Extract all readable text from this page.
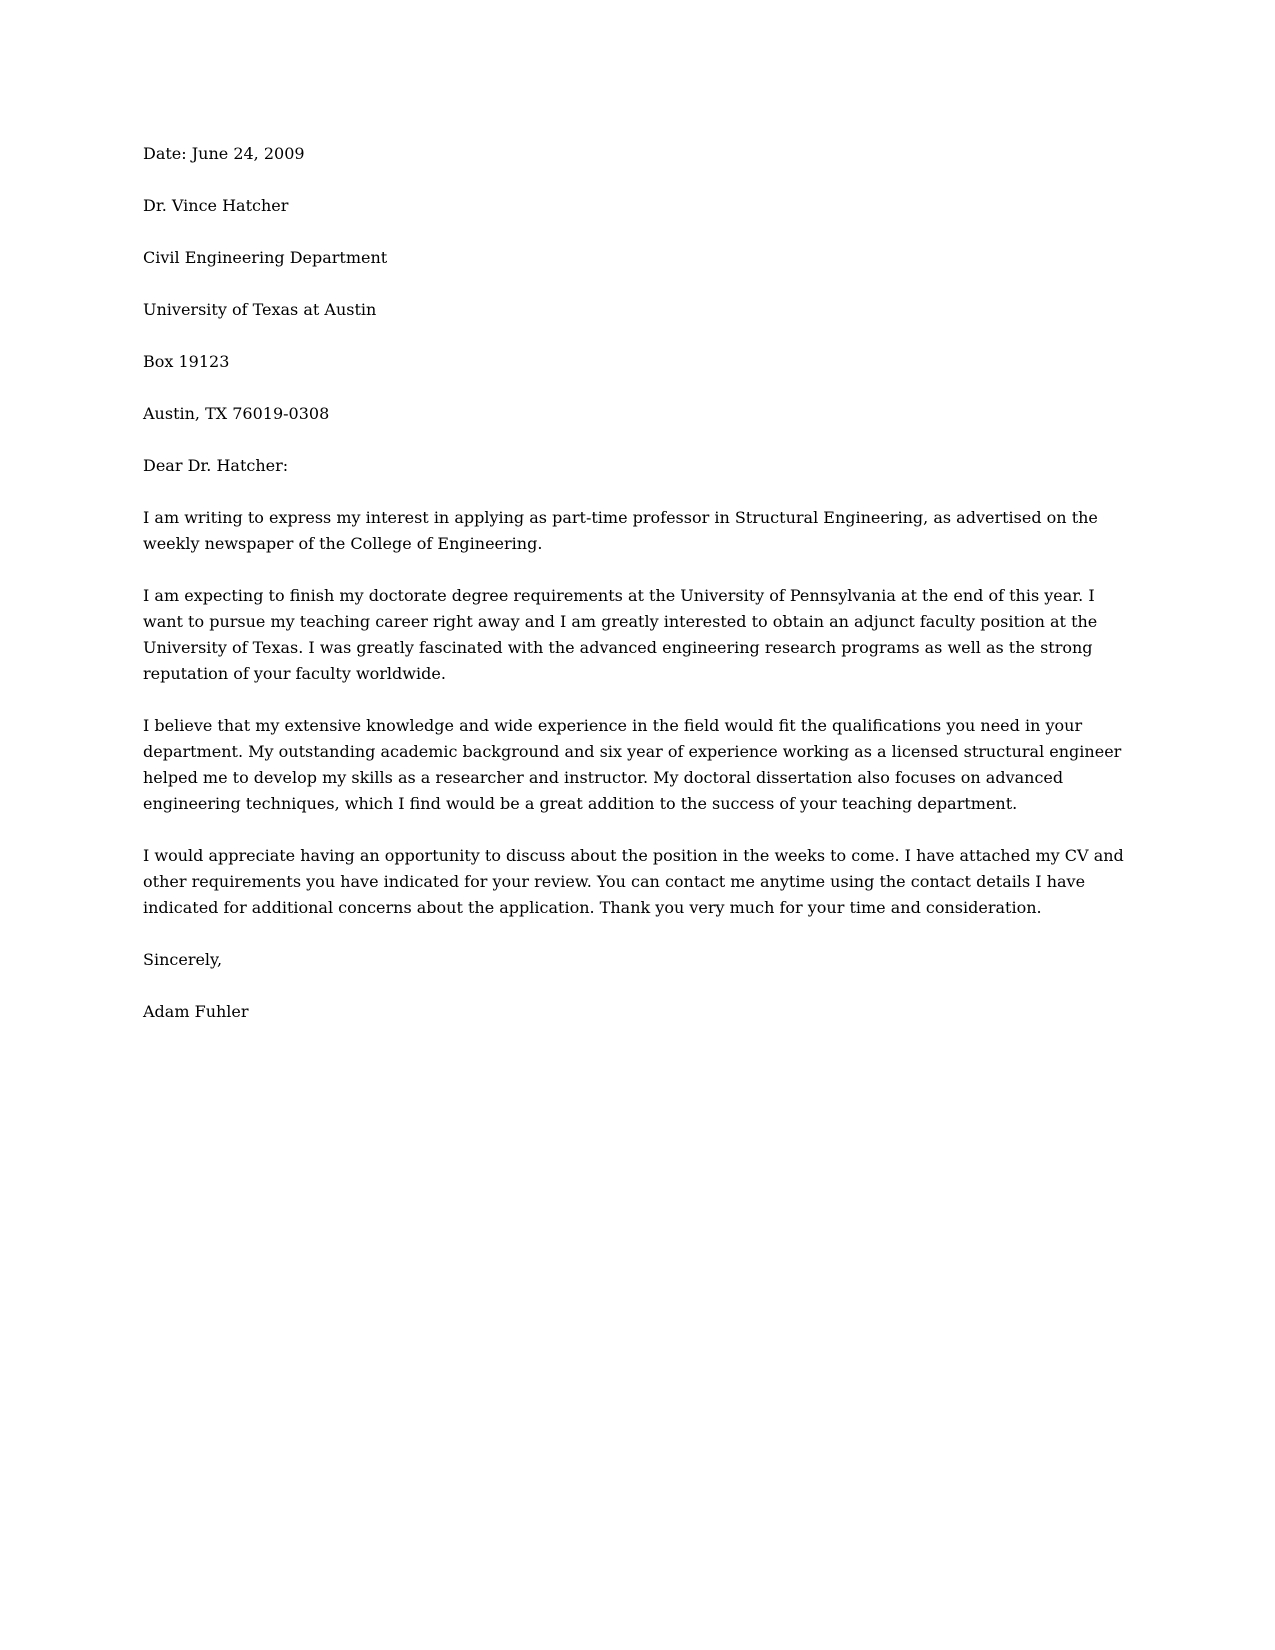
Date: June 24, 2009

Dr. Vince Hatcher

Civil Engineering Department

University of Texas at Austin

Box 19123

Austin, TX 76019-0308

Dear Dr. Hatcher:

I am writing to express my interest in applying as part-time professor in Structural Engineering, as advertised on the weekly newspaper of the College of Engineering.

I am expecting to finish my doctorate degree requirements at the University of Pennsylvania at the end of this year. I want to pursue my teaching career right away and I am greatly interested to obtain an adjunct faculty position at the University of Texas. I was greatly fascinated with the advanced engineering research programs as well as the strong reputation of your faculty worldwide.

I believe that my extensive knowledge and wide experience in the field would fit the qualifications you need in your department. My outstanding academic background and six year of experience working as a licensed structural engineer helped me to develop my skills as a researcher and instructor. My doctoral dissertation also focuses on advanced engineering techniques, which I find would be a great addition to the success of your teaching department.

I would appreciate having an opportunity to discuss about the position in the weeks to come. I have attached my CV and other requirements you have indicated for your review. You can contact me anytime using the contact details I have indicated for additional concerns about the application. Thank you very much for your time and consideration.

Sincerely,

Adam Fuhler
